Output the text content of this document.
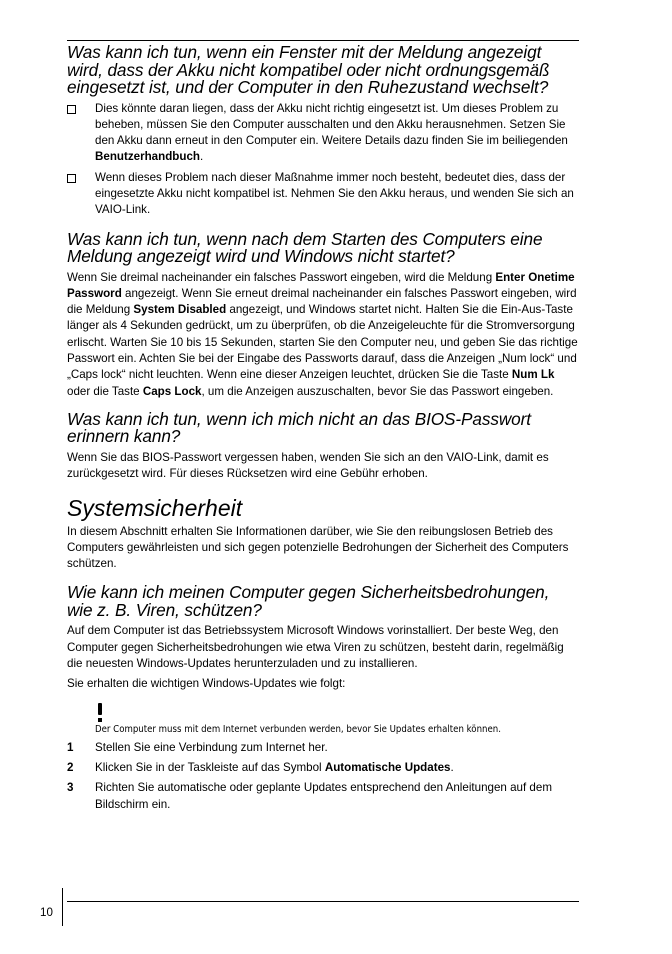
Was kann ich tun, wenn ein Fenster mit der Meldung angezeigt wird, dass der Akku nicht kompatibel oder nicht ordnungsgemäß eingesetzt ist, und der Computer in den Ruhezustand wechselt?
Dies könnte daran liegen, dass der Akku nicht richtig eingesetzt ist. Um dieses Problem zu beheben, müssen Sie den Computer ausschalten und den Akku herausnehmen. Setzen Sie den Akku dann erneut in den Computer ein. Weitere Details dazu finden Sie im beiliegenden Benutzerhandbuch.
Wenn dieses Problem nach dieser Maßnahme immer noch besteht, bedeutet dies, dass der eingesetzte Akku nicht kompatibel ist. Nehmen Sie den Akku heraus, und wenden Sie sich an VAIO-Link.
Was kann ich tun, wenn nach dem Starten des Computers eine Meldung angezeigt wird und Windows nicht startet?

Wenn Sie dreimal nacheinander ein falsches Passwort eingeben, wird die Meldung Enter Onetime Password angezeigt. Wenn Sie erneut dreimal nacheinander ein falsches Passwort eingeben, wird die Meldung System Disabled angezeigt, und Windows startet nicht. Halten Sie die Ein-Aus-Taste länger als 4 Sekunden gedrückt, um zu überprüfen, ob die Anzeigeleuchte für die Stromversorgung erlischt. Warten Sie 10 bis 15 Sekunden, starten Sie den Computer neu, und geben Sie das richtige Passwort ein. Achten Sie bei der Eingabe des Passworts darauf, dass die Anzeigen „Num lock“ und „Caps lock“ nicht leuchten. Wenn eine dieser Anzeigen leuchtet, drücken Sie die Taste Num Lk oder die Taste Caps Lock, um die Anzeigen auszuschalten, bevor Sie das Passwort eingeben.

Was kann ich tun, wenn ich mich nicht an das BIOS-Passwort erinnern kann?

Wenn Sie das BIOS-Passwort vergessen haben, wenden Sie sich an den VAIO-Link, damit es zurückgesetzt wird. Für dieses Rücksetzen wird eine Gebühr erhoben.

Systemsicherheit

In diesem Abschnitt erhalten Sie Informationen darüber, wie Sie den reibungslosen Betrieb des Computers gewährleisten und sich gegen potenzielle Bedrohungen der Sicherheit des Computers schützen.

Wie kann ich meinen Computer gegen Sicherheitsbedrohungen, wie z. B. Viren, schützen?

Auf dem Computer ist das Betriebssystem Microsoft Windows vorinstalliert. Der beste Weg, den Computer gegen Sicherheitsbedrohungen wie etwa Viren zu schützen, besteht darin, regelmäßig die neuesten Windows-Updates herunterzuladen und zu installieren.

Sie erhalten die wichtigen Windows-Updates wie folgt:

Der Computer muss mit dem Internet verbunden werden, bevor Sie Updates erhalten können.
1	Stellen Sie eine Verbindung zum Internet her.
2	Klicken Sie in der Taskleiste auf das Symbol Automatische Updates.
3	Richten Sie automatische oder geplante Updates entsprechend den Anleitungen auf dem Bildschirm ein.
10
